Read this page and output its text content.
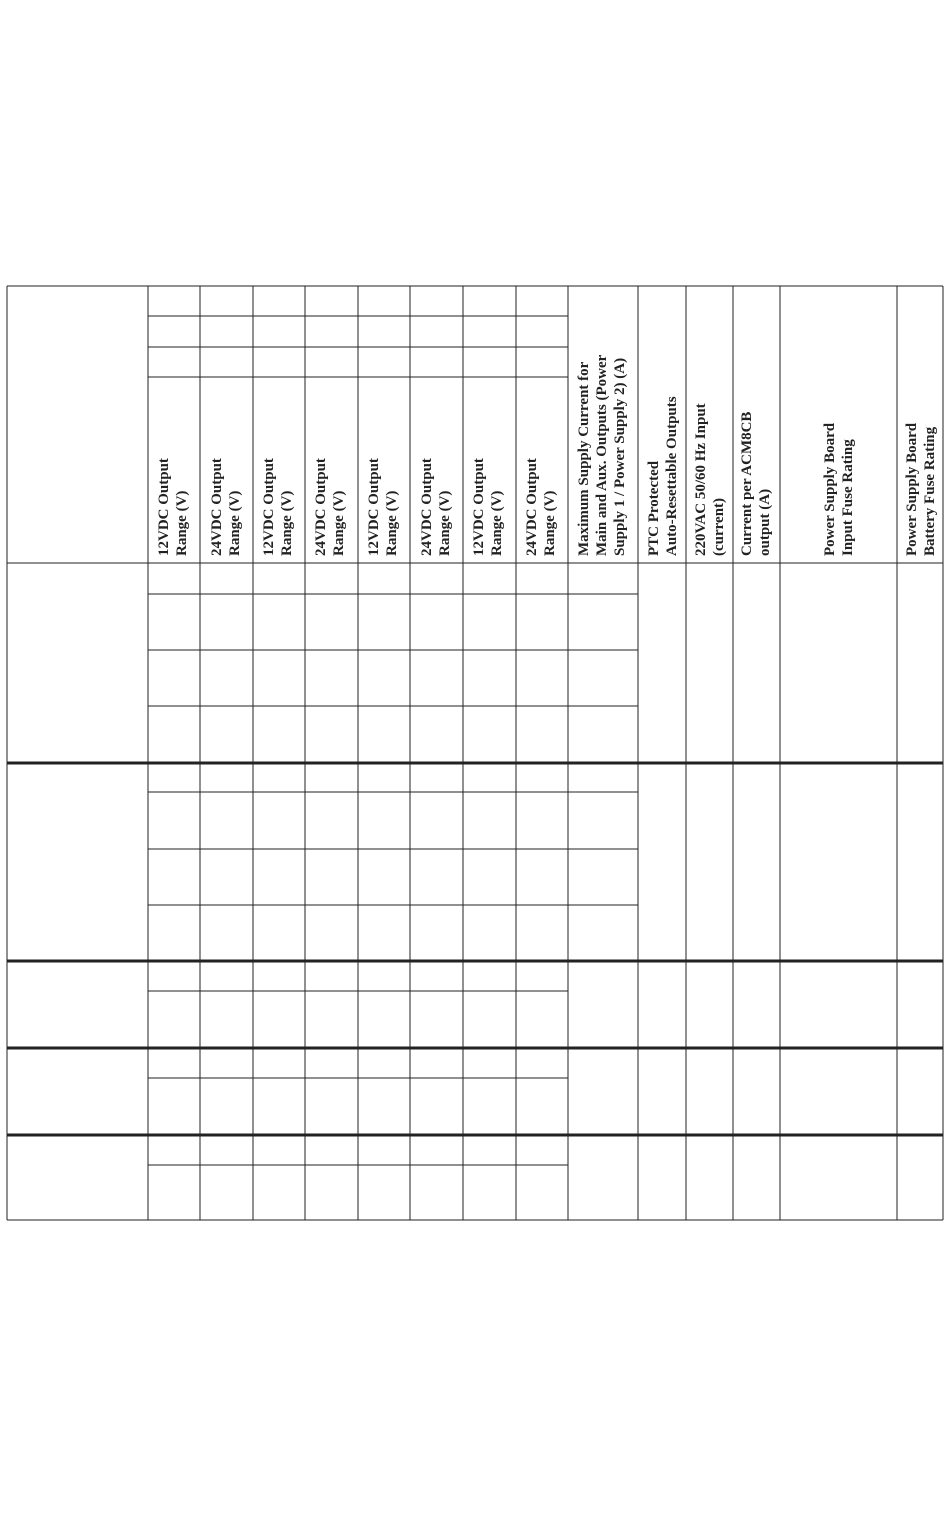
12VDC Output Range (V) 24VDC Output Range (V) 12VDC Output Range (V) 24VDC Output Range (V) 12VDC Output Range (V) 24VDC Output Range (V) 12VDC Output Range (V) 24VDC Output Range (V) Maximum Supply Current for Main and Aux. Outputs (Power Supply 1 / Power Supply 2) (A) PTC Protected Auto-Resettable Outputs 220VAC 50/60 Hz Input (current) Current per ACM8CB output (A)	Power Supply Board Input Fuse Rating	Power Supply Board Battery Fuse Rating
